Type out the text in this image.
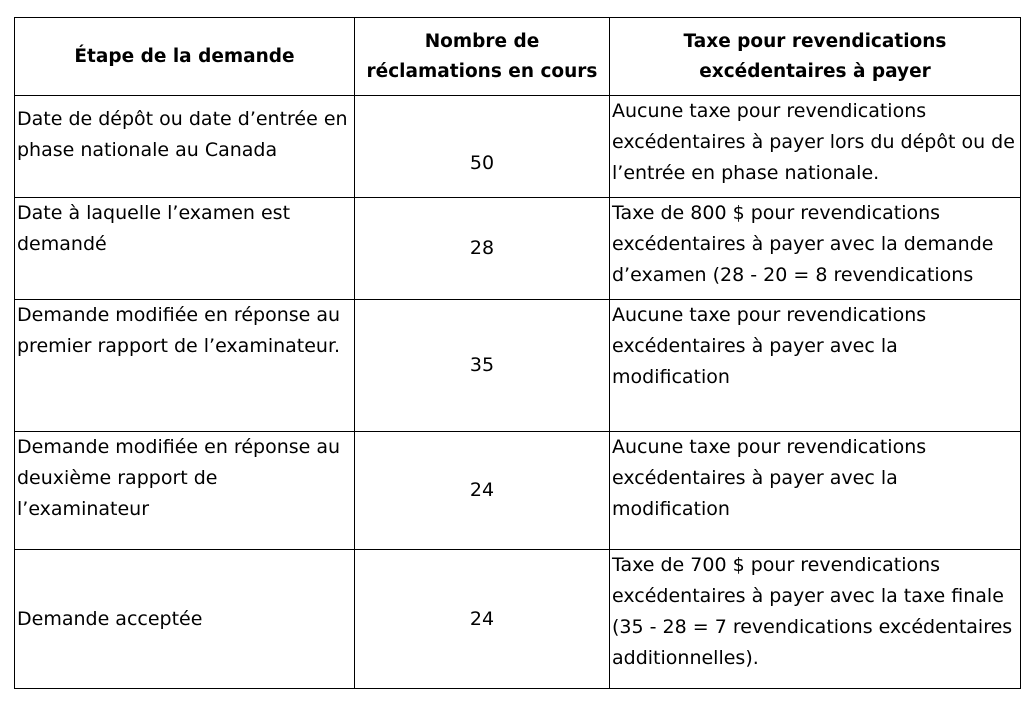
Étape de la demande	Nombre de réclamations en cours	Taxe pour revendications excédentaires à payer
Date de dépôt ou date d’entrée en phase nationale au Canada	50	Aucune taxe pour revendications excédentaires à payer lors du dépôt ou de l’entrée en phase nationale.
Date à laquelle l’examen est demandé	28	Taxe de 800 $ pour revendications excédentaires à payer avec la demande d’examen (28 - 20 = 8 revendications
Demande modifiée en réponse au premier rapport de l’examinateur.	35	Aucune taxe pour revendications excédentaires à payer avec la modification
Demande modifiée en réponse au deuxième rapport de l’examinateur	24	Aucune taxe pour revendications excédentaires à payer avec la modification
Demande acceptée	24	Taxe de 700 $ pour revendications excédentaires à payer avec la taxe finale (35 - 28 = 7 revendications excédentaires additionnelles).
